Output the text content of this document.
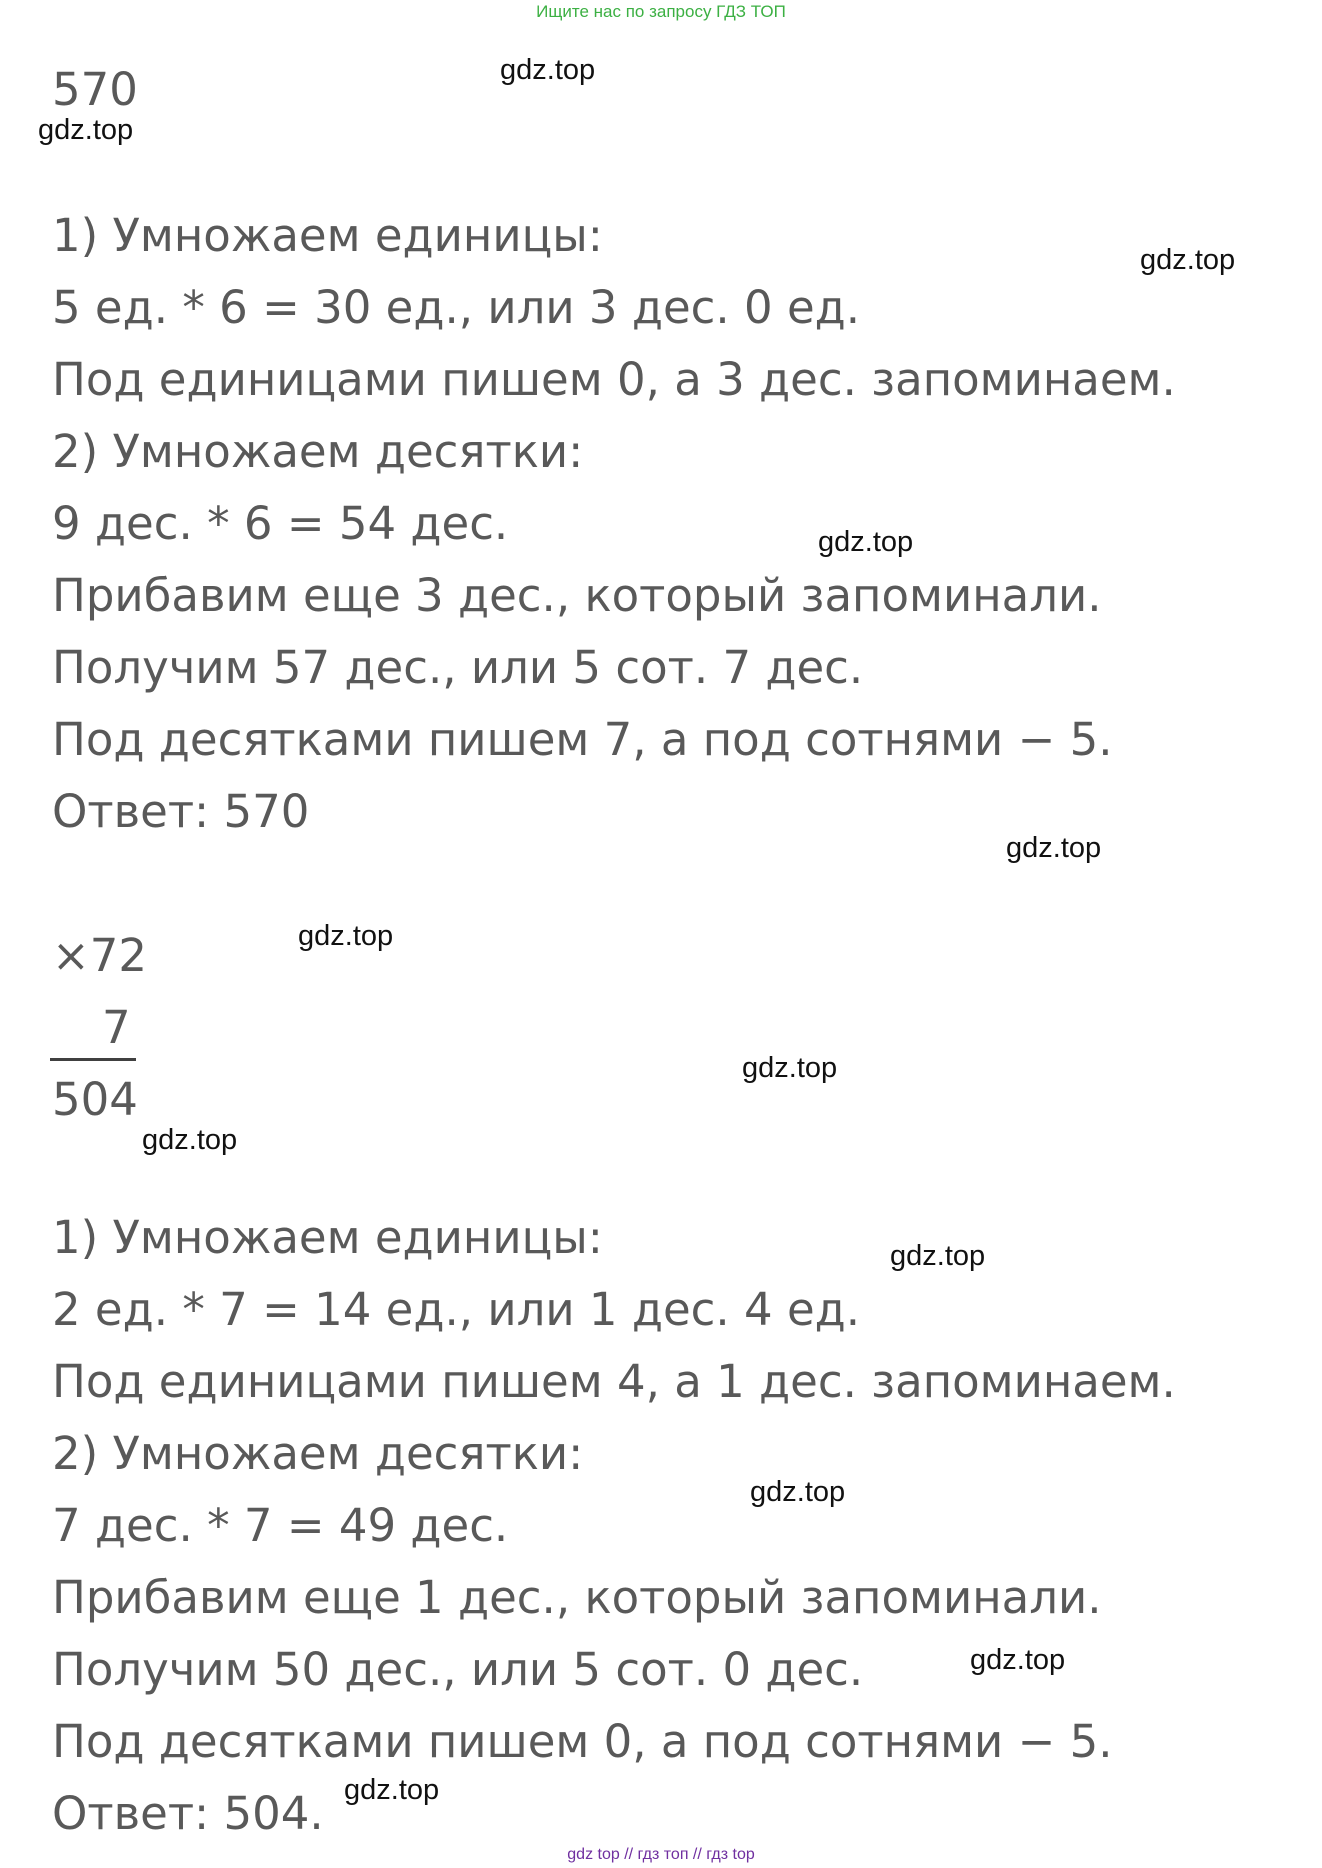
Ищите нас по запросу ГДЗ ТОП
570
1) Умножаем единицы:
5 ед. * 6 = 30 ед., или 3 дес. 0 ед.
Под единицами пишем 0, а 3 дес. запоминаем.
2) Умножаем десятки:
9 дес. * 6 = 54 дес.
Прибавим еще 3 дес., который запоминали.
Получим 57 дес., или 5 сот. 7 дес.
Под десятками пишем 7, а под сотнями − 5.
Ответ: 570
×72
7
504
1) Умножаем единицы:
2 ед. * 7 = 14 ед., или 1 дес. 4 ед.
Под единицами пишем 4, а 1 дес. запоминаем.
2) Умножаем десятки:
7 дес. * 7 = 49 дес.
Прибавим еще 1 дес., который запоминали.
Получим 50 дес., или 5 сот. 0 дес.
Под десятками пишем 0, а под сотнями − 5.
Ответ: 504.
gdz.top
gdz.top
gdz.top
gdz.top
gdz.top
gdz.top
gdz.top
gdz.top
gdz.top
gdz.top
gdz.top
gdz.top
gdz top // гдз топ // гдз top
